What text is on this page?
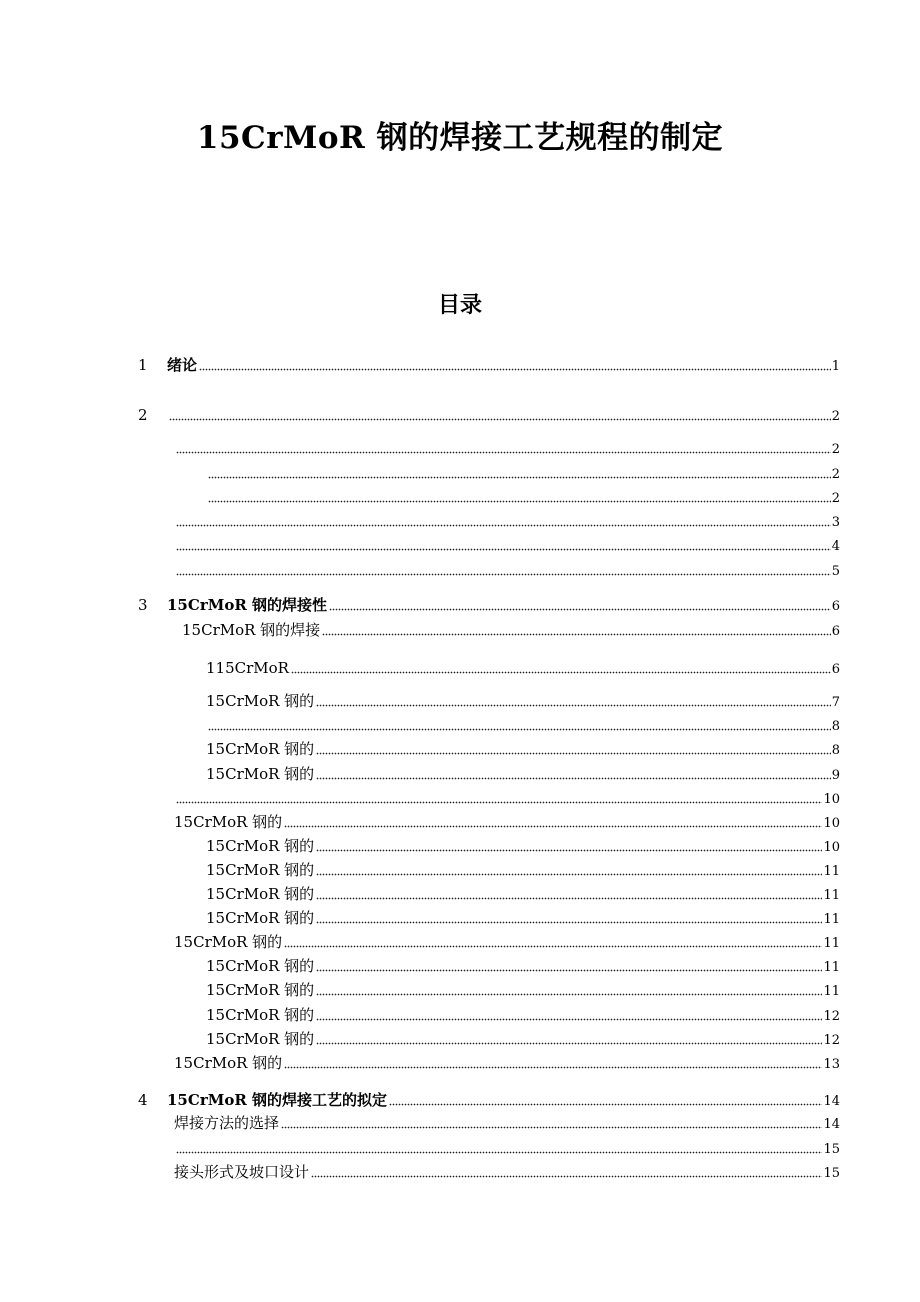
15CrMoR 钢的焊接工艺规程的制定
目录
1	绪论	1
2	2
2
2
2
3
4
5
3	15CrMoR 钢的焊接性	6
15CrMoR 钢的焊接	6
115CrMoR	6
15CrMoR 钢的	7
8
15CrMoR 钢的	8
15CrMoR 钢的	9
10
15CrMoR 钢的	10
15CrMoR 钢的	10
15CrMoR 钢的	11
15CrMoR 钢的	11
15CrMoR 钢的	11
15CrMoR 钢的	11
15CrMoR 钢的	11
15CrMoR 钢的	11
15CrMoR 钢的	12
15CrMoR 钢的	12
15CrMoR 钢的	13
4	15CrMoR 钢的焊接工艺的拟定	14
焊接方法的选择	14
15
接头形式及坡口设计	15
